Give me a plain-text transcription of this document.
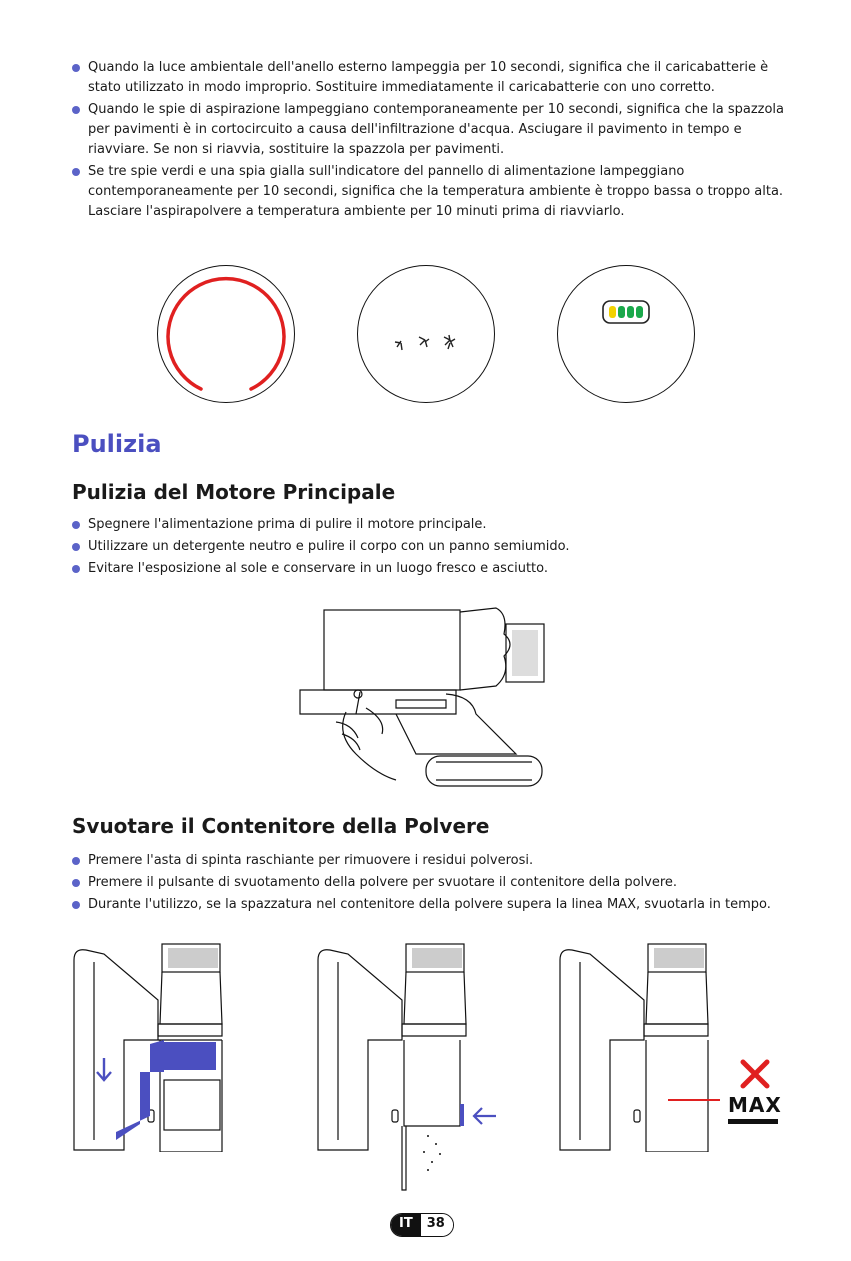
Quando la luce ambientale dell'anello esterno lampeggia per 10 secondi, significa che il caricabatterie è stato utilizzato in modo improprio. Sostituire immediatamente il caricabatterie con uno corretto.
Quando le spie di aspirazione lampeggiano contemporaneamente per 10 secondi, significa che la spazzola per pavimenti è in cortocircuito a causa dell'infiltrazione d'acqua. Asciugare il pavimento in tempo e riavviare. Se non si riavvia, sostituire la spazzola per pavimenti.
Se tre spie verdi e una spia gialla sull'indicatore del pannello di alimentazione lampeggiano contemporaneamente per 10 secondi, significa che la temperatura ambiente è troppo bassa o troppo alta. Lasciare l'aspirapolvere a temperatura ambiente per 10 minuti prima di riavviarlo.
Pulizia
Pulizia del Motore Principale
Spegnere l'alimentazione prima di pulire il motore principale.
Utilizzare un detergente neutro e pulire il corpo con un panno semiumido.
Evitare l'esposizione al sole e conservare in un luogo fresco e asciutto.
Svuotare il Contenitore della Polvere
Premere l'asta di spinta raschiante per rimuovere i residui polverosi.
Premere il pulsante di svuotamento della polvere per svuotare il contenitore della polvere.
Durante l'utilizzo, se la spazzatura nel contenitore della polvere supera la linea MAX, svuotarla in tempo.
MAX
IT	38
